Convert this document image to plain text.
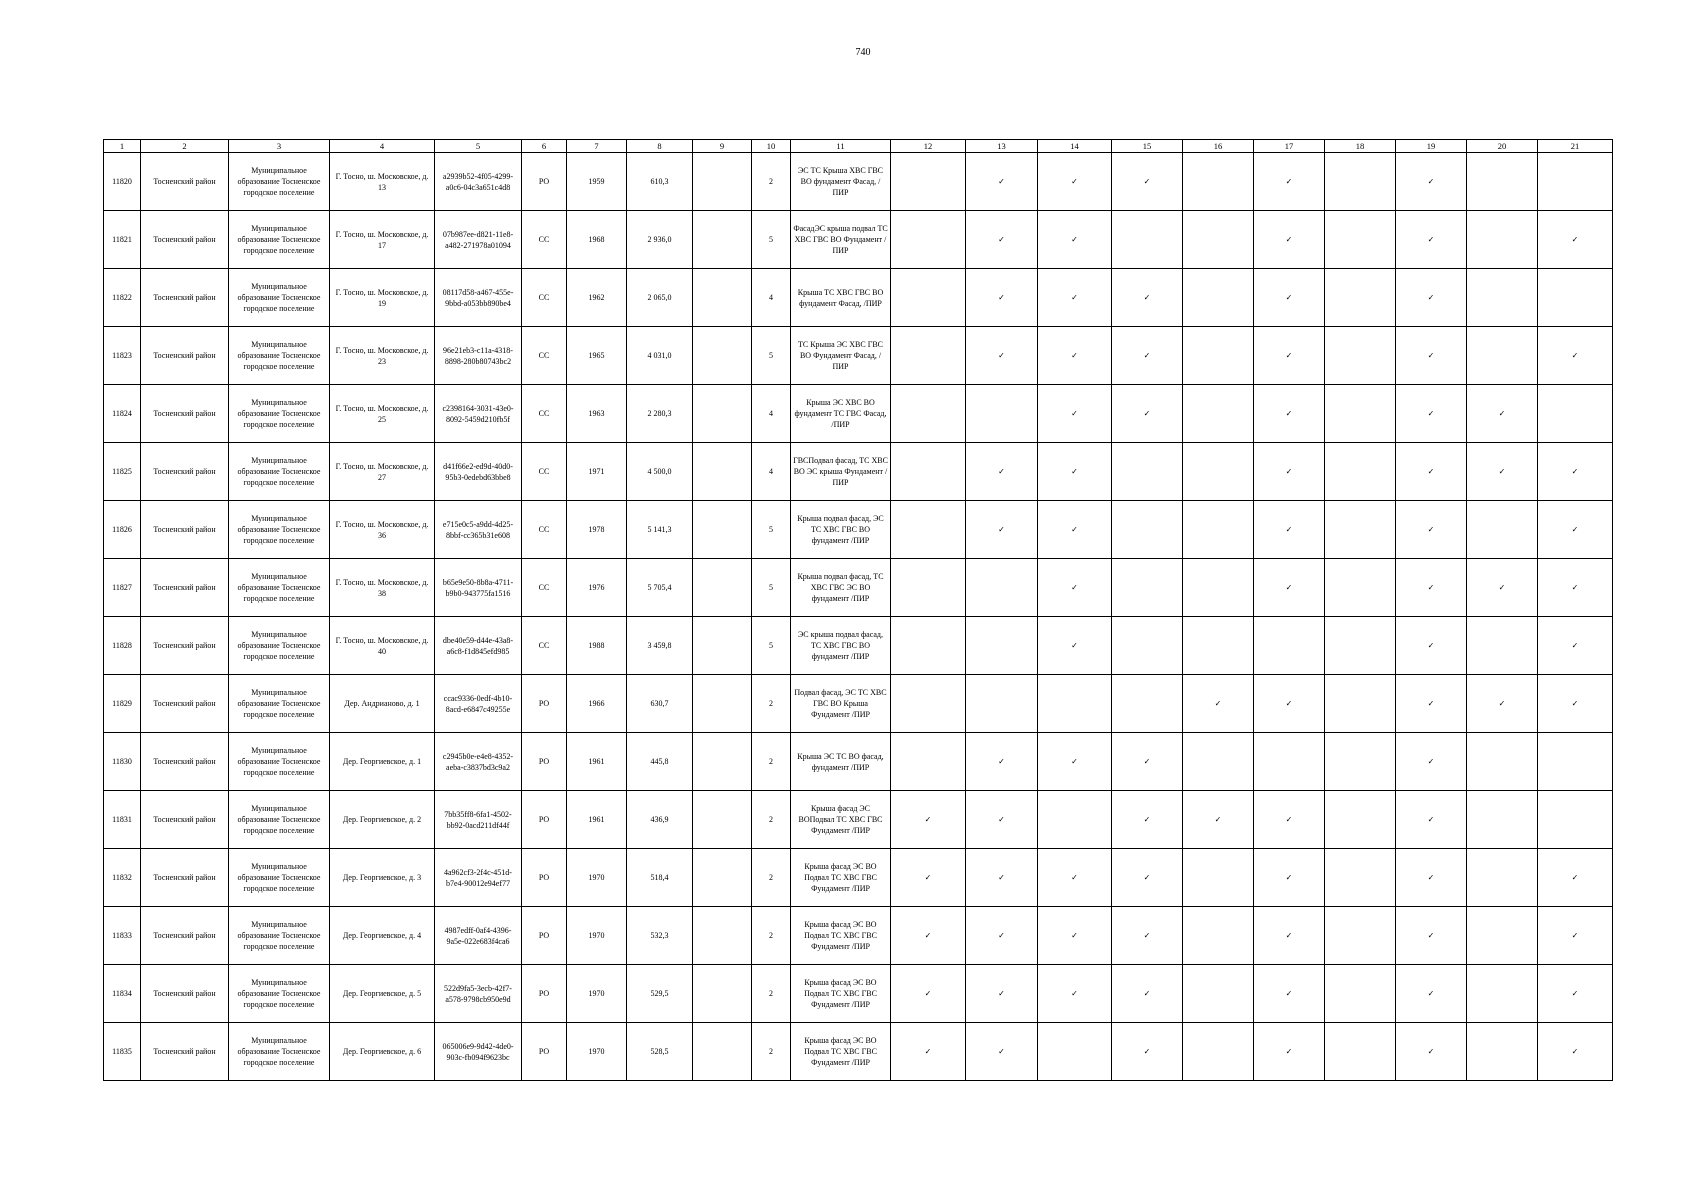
740
1	2	3	4	5	6	7	8	9	10	11	12	13	14	15	16	17	18	19	20	21
11820	Тосненский район	Муниципальное образование Тосненское городское поселение	Г. Тосно, ш. Московское, д. 13	a2939b52-4f05-4299-a0c6-04c3a651c4d8	РО	1959	610,3		2	ЭС ТС Крыша ХВС ГВС ВО фундамент Фасад, /ПИР		✓	✓	✓		✓		✓		
11821	Тосненский район	Муниципальное образование Тосненское городское поселение	Г. Тосно, ш. Московское, д. 17	07b987ee-d821-11e8-a482-271978a01094	СС	1968	2 936,0		5	ФасадЭС крыша подвал ТС ХВС ГВС ВО Фундамент /ПИР		✓	✓			✓		✓		✓
11822	Тосненский район	Муниципальное образование Тосненское городское поселение	Г. Тосно, ш. Московское, д. 19	08117d58-a467-455e-9bbd-a053bb890be4	СС	1962	2 065,0		4	Крыша ТС ХВС ГВС ВО фундамент Фасад, /ПИР		✓	✓	✓		✓		✓		
11823	Тосненский район	Муниципальное образование Тосненское городское поселение	Г. Тосно, ш. Московское, д. 23	96e21eb3-c11a-4318-8898-280b80743bc2	СС	1965	4 031,0		5	ТС Крыша ЭС ХВС ГВС ВО Фундамент Фасад, /ПИР		✓	✓	✓		✓		✓		✓
11824	Тосненский район	Муниципальное образование Тосненское городское поселение	Г. Тосно, ш. Московское, д. 25	c2398164-3031-43e0-8092-5459d210fb5f	СС	1963	2 280,3		4	Крыша ЭС ХВС ВО фундамент ТС ГВС Фасад, /ПИР			✓	✓		✓		✓	✓	
11825	Тосненский район	Муниципальное образование Тосненское городское поселение	Г. Тосно, ш. Московское, д. 27	d41f66e2-ed9d-40d0-95b3-0edebd63bbe8	СС	1971	4 500,0		4	ГВСПодвал фасад, ТС ХВС ВО ЭС крыша Фундамент /ПИР		✓	✓			✓		✓	✓	✓
11826	Тосненский район	Муниципальное образование Тосненское городское поселение	Г. Тосно, ш. Московское, д. 36	e715e0c5-a9dd-4d25-8bbf-cc365b31e608	СС	1978	5 141,3		5	Крыша подвал фасад, ЭС ТС ХВС ГВС ВО фундамент /ПИР		✓	✓			✓		✓		✓
11827	Тосненский район	Муниципальное образование Тосненское городское поселение	Г. Тосно, ш. Московское, д. 38	b65e9e50-8b8a-4711-b9b0-943775fa1516	СС	1976	5 705,4		5	Крыша подвал фасад, ТС ХВС ГВС ЭС ВО фундамент /ПИР			✓			✓		✓	✓	✓
11828	Тосненский район	Муниципальное образование Тосненское городское поселение	Г. Тосно, ш. Московское, д. 40	dbe40e59-d44e-43a8-a6c8-f1d845efd985	СС	1988	3 459,8		5	ЭС крыша подвал фасад, ТС ХВС ГВС ВО фундамент /ПИР			✓					✓		✓
11829	Тосненский район	Муниципальное образование Тосненское городское поселение	Дер. Андрианово, д. 1	ccac9336-0edf-4b10-8acd-e6847c49255e	РО	1966	630,7		2	Подвал фасад, ЭС ТС ХВС ГВС ВО Крыша Фундамент /ПИР					✓	✓		✓	✓	✓
11830	Тосненский район	Муниципальное образование Тосненское городское поселение	Дер. Георгиевское, д. 1	c2945b0e-e4e8-4352-aeba-c3837bd3c9a2	РО	1961	445,8		2	Крыша ЭС ТС ВО фасад, фундамент /ПИР		✓	✓	✓				✓		
11831	Тосненский район	Муниципальное образование Тосненское городское поселение	Дер. Георгиевское, д. 2	7bb35ff8-6fa1-4502-bb92-0acd211df44f	РО	1961	436,9		2	Крыша фасад ЭС ВОПодвал ТС ХВС ГВС Фундамент /ПИР	✓	✓		✓	✓	✓		✓		
11832	Тосненский район	Муниципальное образование Тосненское городское поселение	Дер. Георгиевское, д. 3	4a962cf3-2f4c-451d-b7e4-90012e94ef77	РО	1970	518,4		2	Крыша фасад ЭС ВО Подвал ТС ХВС ГВС Фундамент /ПИР	✓	✓	✓	✓		✓		✓		✓
11833	Тосненский район	Муниципальное образование Тосненское городское поселение	Дер. Георгиевское, д. 4	4987edff-0af4-4396-9a5e-022e683f4ca6	РО	1970	532,3		2	Крыша фасад ЭС ВО Подвал ТС ХВС ГВС Фундамент /ПИР	✓	✓	✓	✓		✓		✓		✓
11834	Тосненский район	Муниципальное образование Тосненское городское поселение	Дер. Георгиевское, д. 5	522d9fa5-3ecb-42f7-a578-9798cb950e9d	РО	1970	529,5		2	Крыша фасад ЭС ВО Подвал ТС ХВС ГВС Фундамент /ПИР	✓	✓	✓	✓		✓		✓		✓
11835	Тосненский район	Муниципальное образование Тосненское городское поселение	Дер. Георгиевское, д. 6	065006e9-9d42-4de0-903c-fb094f9623bc	РО	1970	528,5		2	Крыша фасад ЭС ВО Подвал ТС ХВС ГВС Фундамент /ПИР	✓	✓		✓		✓		✓		✓
